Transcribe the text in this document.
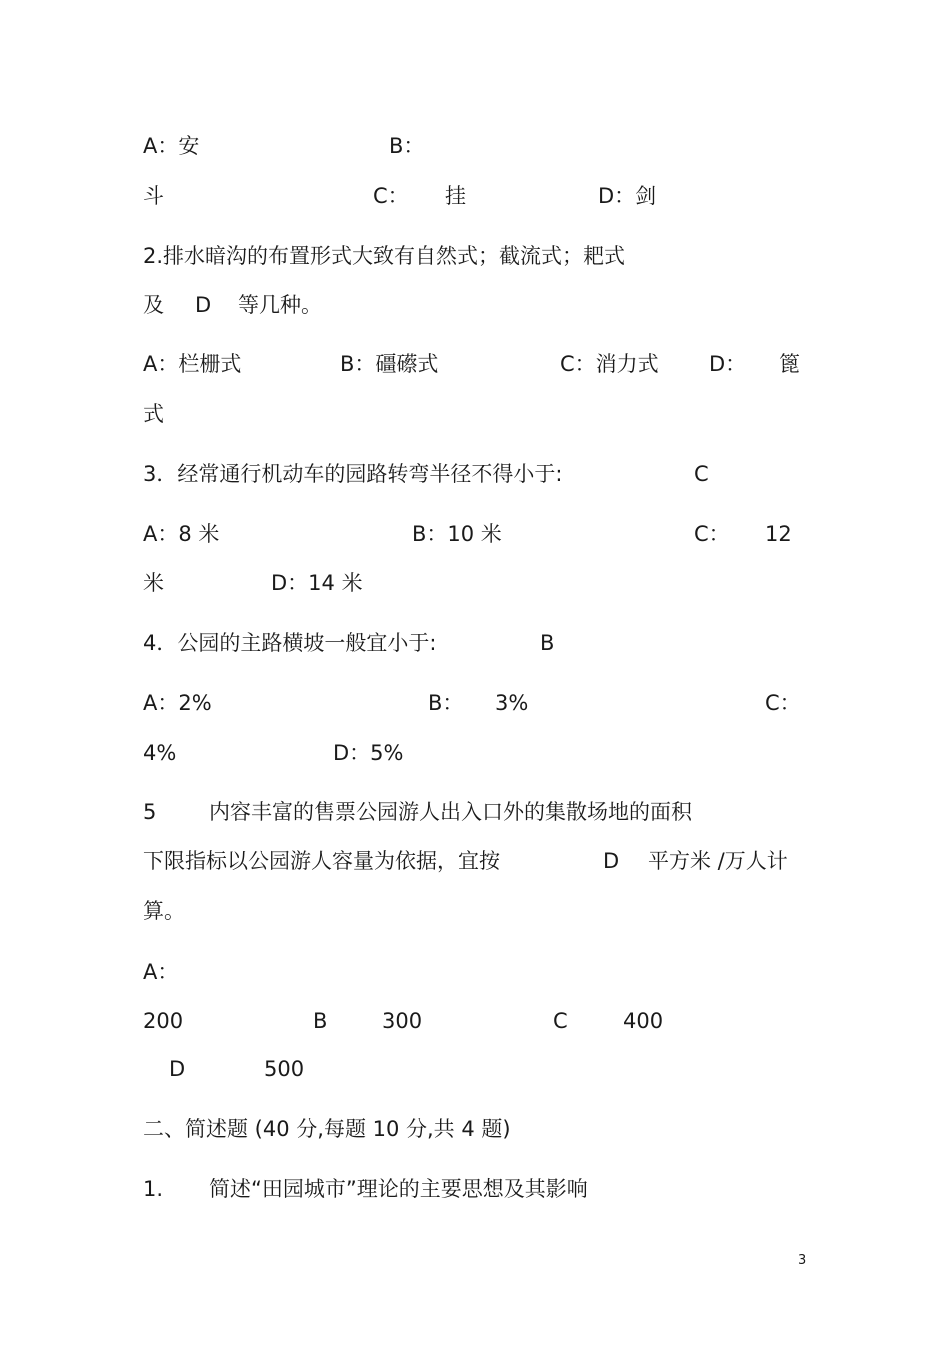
A：安	B：
斗	C： 挂	D：剑
2.排水暗沟的布置形式大致有自然式；截流式；耙式
及 D 等几种。
A：栏栅式	B：礓礤式	C：消力式 D： 篦
式
3．经常通行机动车的园路转弯半径不得小于:	C
A：8 米	B：10 米	C： 12
米	D：14 米
4．公园的主路横坡一般宜小于:	B
A：2%	B： 3%	C：
4%	D：5%
5	内容丰富的售票公园游人出入口外的集散场地的面积
下限指标以公园游人容量为依据，宜按	D 平方米 /万人计
算。
A：
200	B	300	C	400
D	500
二、简述题 (40 分,每题 10 分,共 4 题)
1. 简述“田园城市”理论的主要思想及其影响
3
